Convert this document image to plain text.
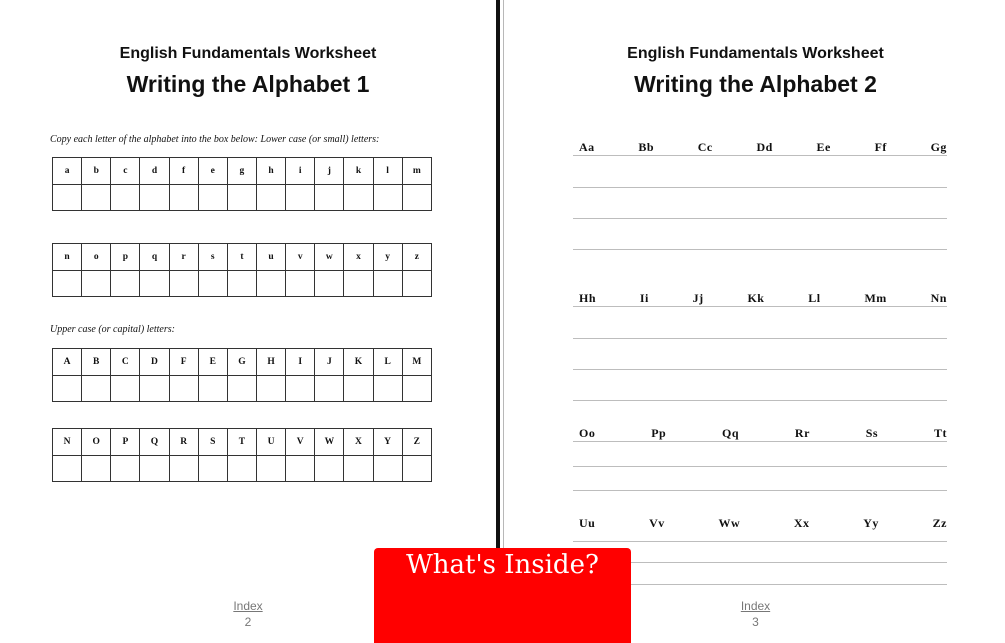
English Fundamentals Worksheet
Writing the Alphabet 1
Copy each letter of the alphabet into the box below: Lower case (or small) letters:
Upper case (or capital) letters:
a	b	c	d	f	e	g	h	i	j	k	l	m

n	o	p	q	r	s	t	u	v	w	x	y	z

A	B	C	D	F	E	G	H	I	J	K	L	M

N	O	P	Q	R	S	T	U	V	W	X	Y	Z

Index
2
English Fundamentals Worksheet
Writing the Alphabet 2
Aa	Bb	Cc	Dd	Ee	Ff	Gg
Hh	Ii	Jj	Kk	Ll	Mm	Nn
Oo	Pp	Qq	Rr	Ss	Tt
Uu	Vv	Ww	Xx	Yy	Zz
Index
3
What's Inside?
